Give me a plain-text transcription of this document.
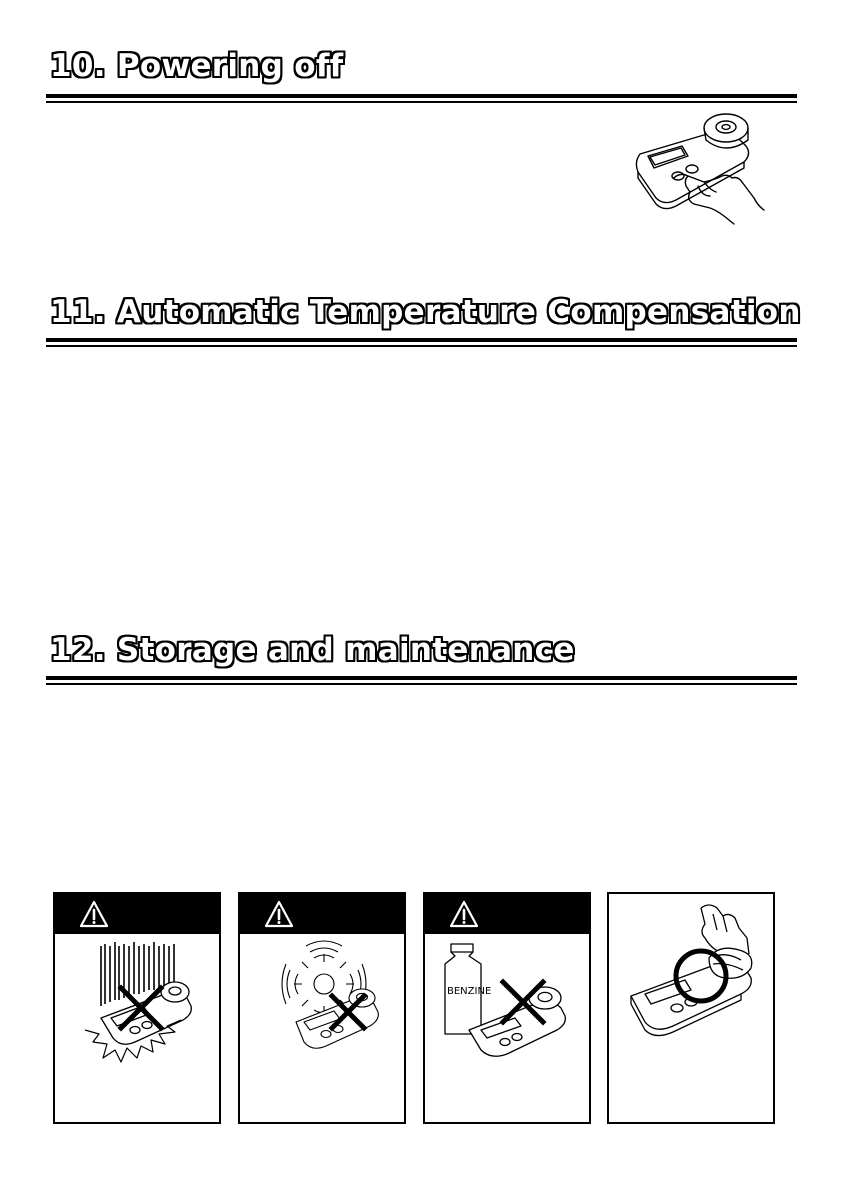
10. Powering off
11. Automatic Temperature Compensation
12. Storage and maintenance
BENZINE
